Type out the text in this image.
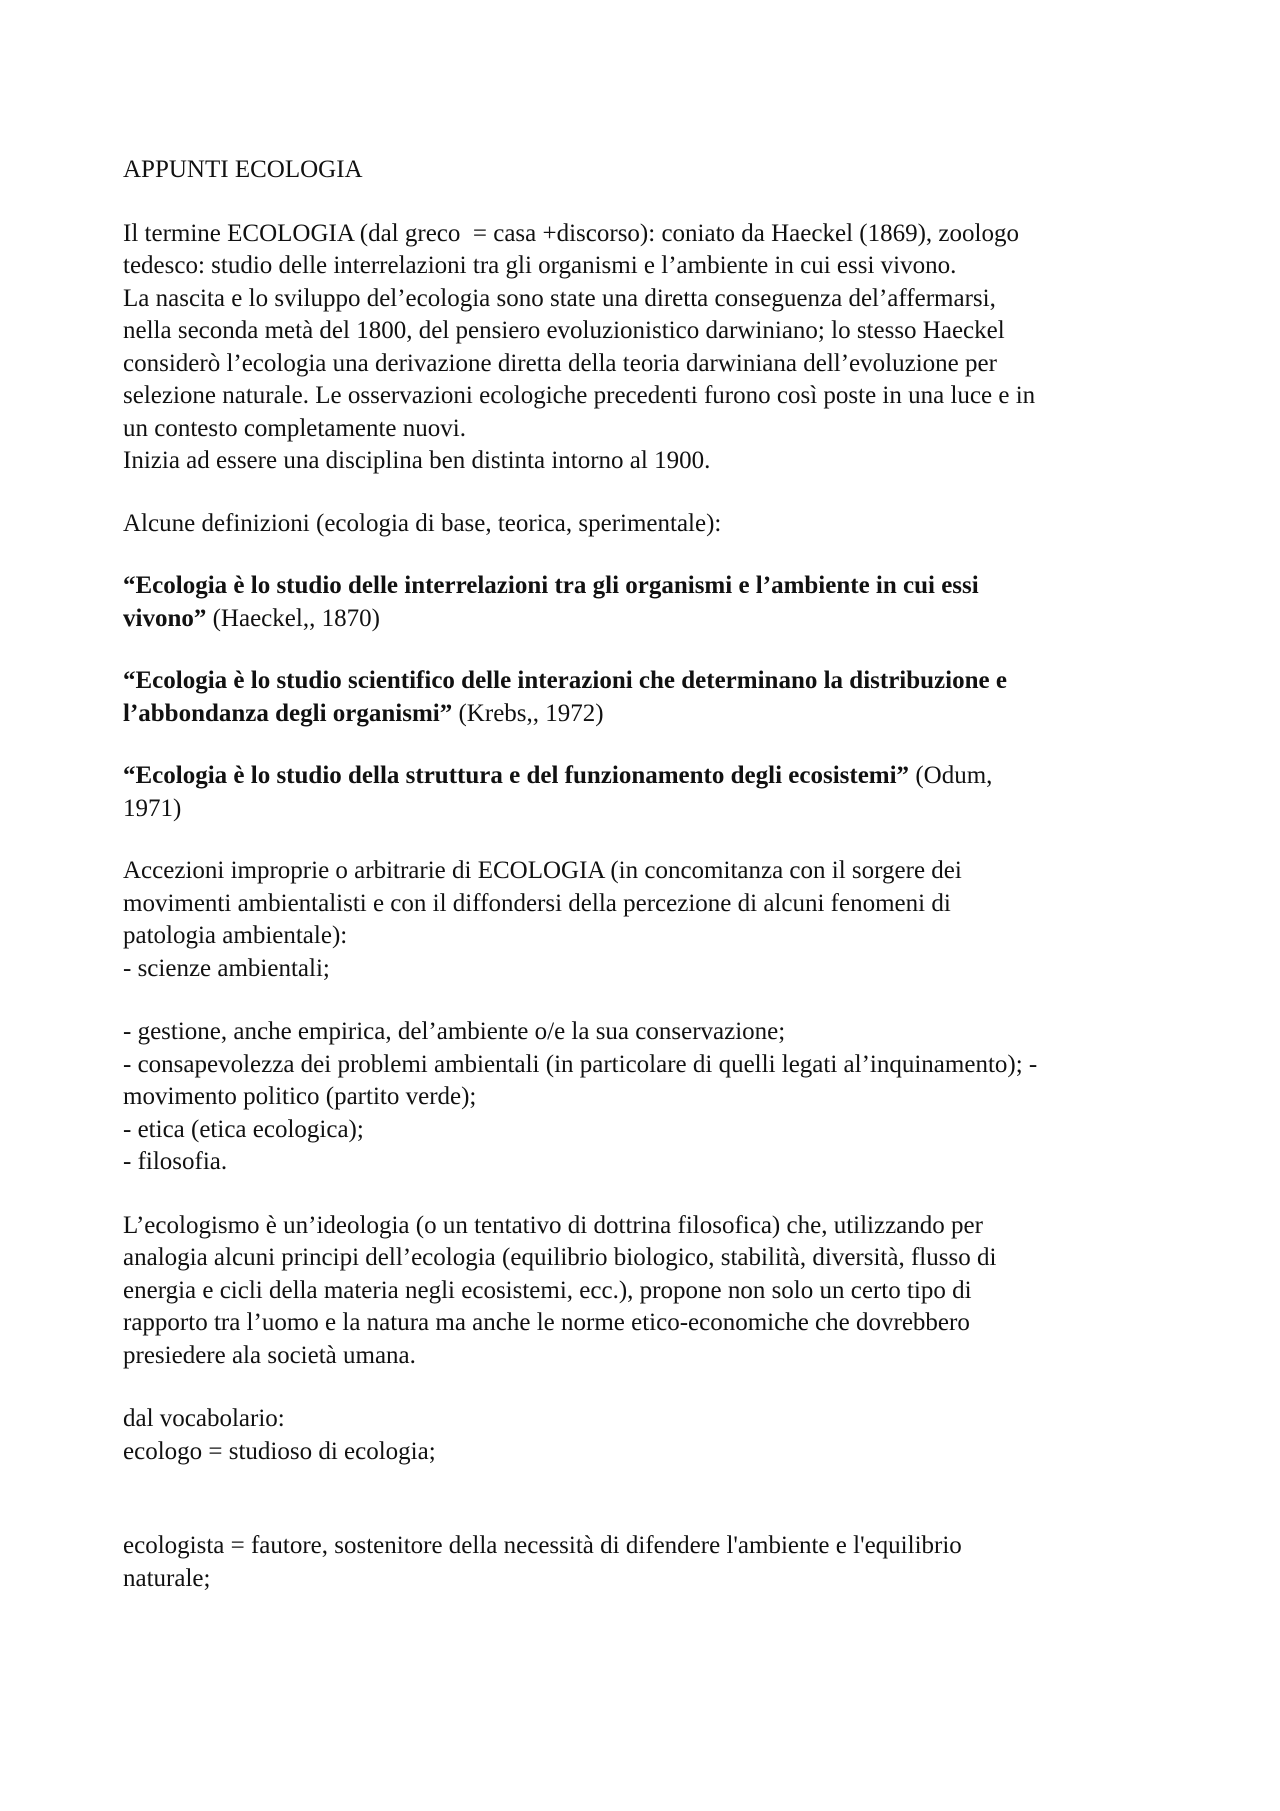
APPUNTI ECOLOGIA
Il termine ECOLOGIA (dal greco  = casa +discorso): coniato da Haeckel (1869), zoologo
tedesco: studio delle interrelazioni tra gli organismi e l’ambiente in cui essi vivono.
La nascita e lo sviluppo del’ecologia sono state una diretta conseguenza del’affermarsi,
nella seconda metà del 1800, del pensiero evoluzionistico darwiniano; lo stesso Haeckel
considerò l’ecologia una derivazione diretta della teoria darwiniana dell’evoluzione per
selezione naturale. Le osservazioni ecologiche precedenti furono così poste in una luce e in
un contesto completamente nuovi.
Inizia ad essere una disciplina ben distinta intorno al 1900.
Alcune definizioni (ecologia di base, teorica, sperimentale):
“Ecologia è lo studio delle interrelazioni tra gli organismi e l’ambiente in cui essi
vivono” (Haeckel,, 1870)
“Ecologia è lo studio scientifico delle interazioni che determinano la distribuzione e
l’abbondanza degli organismi” (Krebs,, 1972)
“Ecologia è lo studio della struttura e del funzionamento degli ecosistemi” (Odum,
1971)
Accezioni improprie o arbitrarie di ECOLOGIA (in concomitanza con il sorgere dei
movimenti ambientalisti e con il diffondersi della percezione di alcuni fenomeni di
patologia ambientale):
- scienze ambientali;
- gestione, anche empirica, del’ambiente o/e la sua conservazione;
- consapevolezza dei problemi ambientali (in particolare di quelli legati al’inquinamento); -
movimento politico (partito verde);
- etica (etica ecologica);
- filosofia.
L’ecologismo è un’ideologia (o un tentativo di dottrina filosofica) che, utilizzando per
analogia alcuni principi dell’ecologia (equilibrio biologico, stabilità, diversità, flusso di
energia e cicli della materia negli ecosistemi, ecc.), propone non solo un certo tipo di
rapporto tra l’uomo e la natura ma anche le norme etico-economiche che dovrebbero
presiedere ala società umana.
dal vocabolario:
ecologo = studioso di ecologia;
ecologista = fautore, sostenitore della necessità di difendere l'ambiente e l'equilibrio
naturale;
